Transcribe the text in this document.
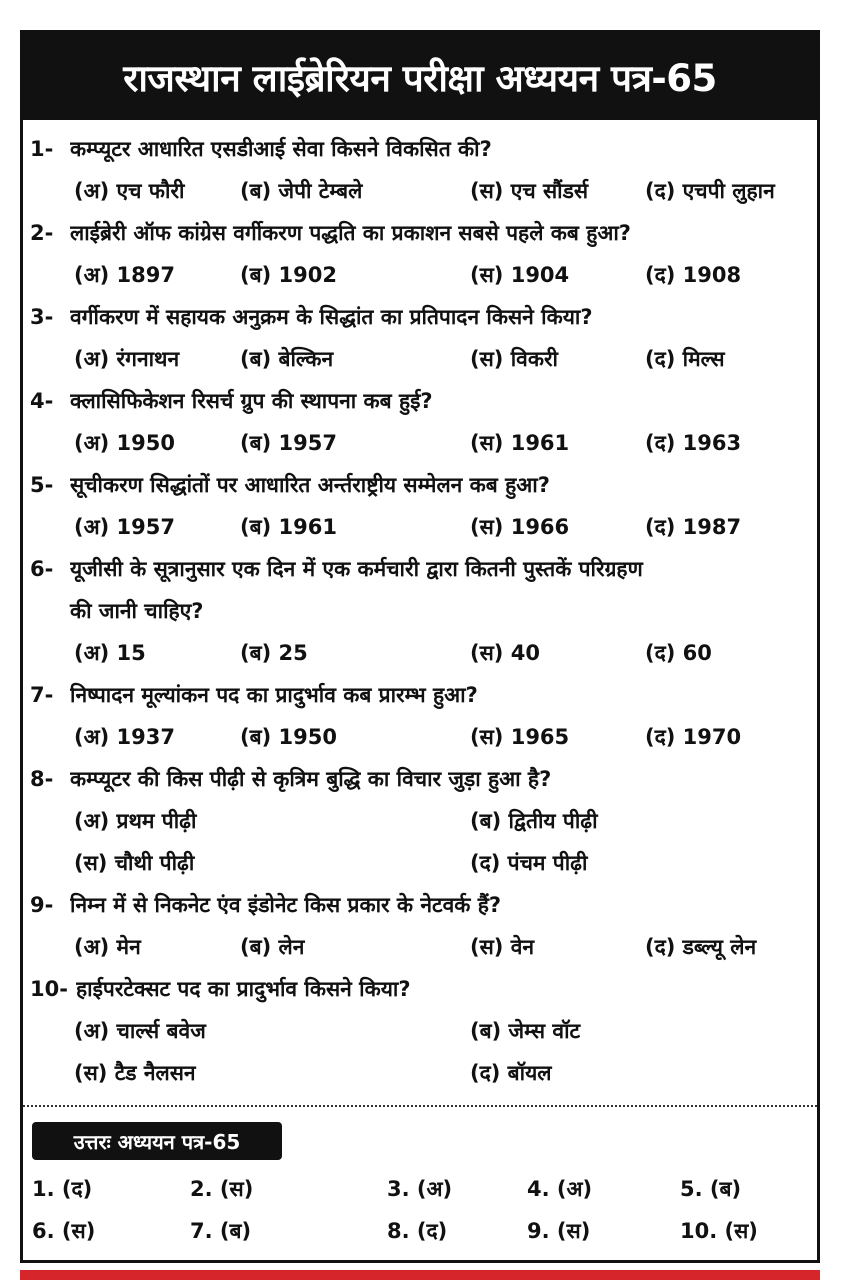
राजस्थान लाईब्रेरियन परीक्षा अध्ययन पत्र-65
1- कम्प्यूटर आधारित एसडीआई सेवा किसने विकसित की?
(अ) एच फौरी	(ब) जेपी टेम्बले	(स) एच सौंडर्स	(द) एचपी लुहान
2- लाईब्रेरी ऑफ कांग्रेस वर्गीकरण पद्धति का प्रकाशन सबसे पहले कब हुआ?
(अ) 1897	(ब) 1902	(स) 1904	(द) 1908
3- वर्गीकरण में सहायक अनुक्रम के सिद्धांत का प्रतिपादन किसने किया?
(अ) रंगनाथन	(ब) बेल्किन	(स) विकरी	(द) मिल्स
4- क्लासिफिकेशन रिसर्च ग्रुप की स्थापना कब हुई?
(अ) 1950	(ब) 1957	(स) 1961	(द) 1963
5- सूचीकरण सिद्धांतों पर आधारित अर्न्तराष्ट्रीय सम्मेलन कब हुआ?
(अ) 1957	(ब) 1961	(स) 1966	(द) 1987
6- यूजीसी के सूत्रानुसार एक दिन में एक कर्मचारी द्वारा कितनी पुस्तकें परिग्रहण
की जानी चाहिए?
(अ) 15	(ब) 25	(स) 40	(द) 60
7- निष्पादन मूल्यांकन पद का प्रादुर्भाव कब प्रारम्भ हुआ?
(अ) 1937	(ब) 1950	(स) 1965	(द) 1970
8- कम्प्यूटर की किस पीढ़ी से कृत्रिम बुद्धि का विचार जुड़ा हुआ है?
(अ) प्रथम पीढ़ी	(ब) द्वितीय पीढ़ी
(स) चौथी पीढ़ी	(द) पंचम पीढ़ी
9- निम्न में से निकनेट एंव इंडोनेट किस प्रकार के नेटवर्क हैं?
(अ) मेन	(ब) लेन	(स) वेन	(द) डब्ल्यू लेन
10- हाईपरटेक्सट पद का प्रादुर्भाव किसने किया?
(अ) चार्ल्स बवेज	(ब) जेम्स वॉट
(स) टैड नैलसन	(द) बॉयल
उत्तरः अध्ययन पत्र-65
1. (द)	2. (स)	3. (अ)	4. (अ)	5. (ब)
6. (स)	7. (ब)	8. (द)	9. (स)	10. (स)
